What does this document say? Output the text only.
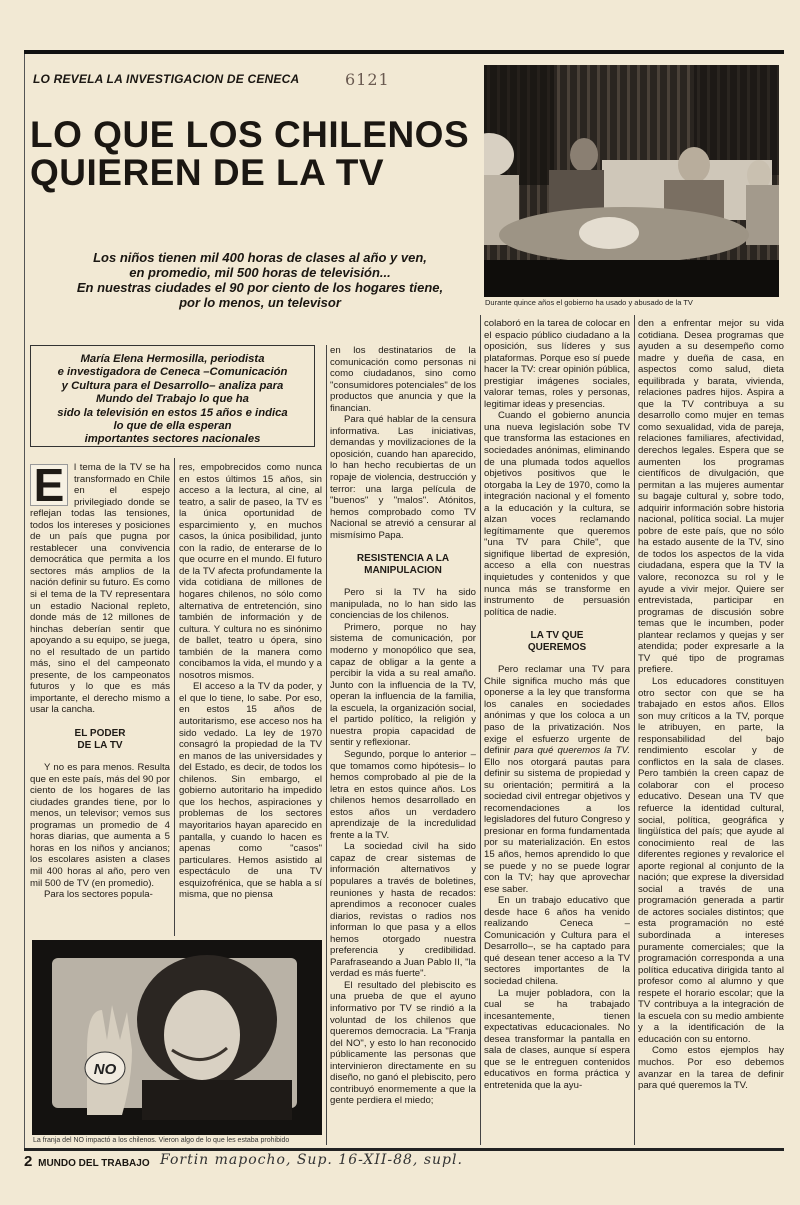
LO REVELA LA INVESTIGACION DE CENECA	6121
LO QUE LOS CHILENOS
QUIEREN DE LA TV
Los niños tienen mil 400 horas de clases al año y ven,
en promedio, mil 500 horas de televisión...
En nuestras ciudades el 90 por ciento de los hogares tiene,
por lo menos, un televisor	Durante quince años el gobierno ha usado y abusado de la TV
María Elena Hermosilla, periodista
e investigadora de Ceneca –Comunicación
y Cultura para el Desarrollo– analiza para
Mundo del Trabajo lo que ha
sido la televisión en estos 15 años e indica
lo que de ella esperan
importantes sectores nacionales
E	l tema de la TV se ha transformado en Chile en el espejo privilegiado donde se reflejan todas las tensiones, todos los intereses y posiciones de un país que pugna por restablecer una convivencia democrática que permita a los sectores más amplios de la nación definir su futuro. Es como si el tema de la TV representara un estadio Nacional repleto, donde más de 12 millones de hinchas deberían sentir que apoyando a su equipo, se juega, no el resultado de un partido más, sino el del campeonato presente, de los campeonatos futuros y lo que es más importante, el derecho mismo a usar la cancha.

EL PODER
DE LA TV

Y no es para menos. Resulta que en este país, más del 90 por ciento de los hogares de las ciudades grandes tiene, por lo menos, un televisor; vemos sus programas un promedio de 4 horas diarias, que aumenta a 5 horas en los niños y ancianos; los escolares asisten a clases mil 400 horas al año, pero ven mil 500 de TV (en promedio).

Para los sectores popula-

res, empobrecidos como nunca en estos últimos 15 años, sin acceso a la lectura, al cine, al teatro, a salir de paseo, la TV es la única oportunidad de esparcimiento y, en muchos casos, la única posibilidad, junto con la radio, de enterarse de lo que ocurre en el mundo. El futuro de la TV afecta profundamente la vida cotidiana de millones de hogares chilenos, no sólo como alternativa de entretención, sino también de información y de cultura. Y cultura no es sinónimo de ballet, teatro u ópera, sino también de la manera como concibamos la vida, el mundo y a nosotros mismos.

El acceso a la TV da poder, y el que lo tiene, lo sabe. Por eso, en estos 15 años de autoritarismo, ese acceso nos ha sido vedado. La ley de 1970 consagró la propiedad de la TV en manos de las universidades y del Estado, es decir, de todos los chilenos. Sin embargo, el gobierno autoritario ha impedido que los hechos, aspiraciones y problemas de los sectores mayoritarios hayan aparecido en pantalla, y cuando lo hacen es apenas como "casos" particulares. Hemos asistido al espectáculo de una TV esquizofrénica, que se habla a sí misma, que no piensa

en los destinatarios de la comunicación como personas ni como ciudadanos, sino como "consumidores potenciales" de los productos que anuncia y que la financian.

Para qué hablar de la censura informativa. Las iniciativas, demandas y movilizaciones de la oposición, cuando han aparecido, lo han hecho recubiertas de un ropaje de violencia, destrucción y terror: una larga película de "buenos" y "malos". Atónitos, hemos comprobado como TV Nacional se atrevió a censurar al mismísimo Papa.

RESISTENCIA A LA
MANIPULACION

Pero si la TV ha sido manipulada, no lo han sido las conciencias de los chilenos.

Primero, porque no hay sistema de comunicación, por moderno y monopólico que sea, capaz de obligar a la gente a percibir la vida a su real amaño. Junto con la influencia de la TV, operan la influencia de la familia, la escuela, la organización social, el partido político, la religión y nuestra propia capacidad de sentir y reflexionar.

Segundo, porque lo anterior –que tomamos como hipótesis– lo hemos comprobado al pie de la letra en estos quince años. Los chilenos hemos desarrollado en estos años un verdadero aprendizaje de la incredulidad frente a la TV.

La sociedad civil ha sido capaz de crear sistemas de información alternativos y populares a través de boletines, reuniones y hasta de recados: aprendimos a reconocer cuales diarios, revistas o radios nos informan lo que pasa y a ellos hemos otorgado nuestra preferencia y credibilidad. Parafraseando a Juan Pablo II, "la verdad es más fuerte".

El resultado del plebiscito es una prueba de que el ayuno informativo por TV se rindió a la voluntad de los chilenos que queremos democracia. La "Franja del NO", y esto lo han reconocido públicamente las personas que intervinieron directamente en su diseño, no ganó el plebiscito, pero contribuyó enormemente a que la gente perdiera el miedo;

colaboró en la tarea de colocar en el espacio público ciudadano a la oposición, sus líderes y sus plataformas. Porque eso sí puede hacer la TV: crear opinión pública, prestigiar imágenes sociales, valorar temas, roles y personas, legitimar ideas y presencias.

Cuando el gobierno anuncia una nueva legislación sobe TV que transforma las estaciones en sociedades anónimas, eliminando de una plumada todos aquellos objetivos positivos que le otorgaba la Ley de 1970, como la integración nacional y el fomento a la educación y la cultura, se alzan voces reclamando legítimamente que queremos "una TV para Chile", que signifique libertad de expresión, acceso a ella con nuestras inquietudes y contenidos y que nunca más se transforme en instrumento de persuasión política de nadie.

LA TV QUE
QUEREMOS

Pero reclamar una TV para Chile significa mucho más que oponerse a la ley que transforma los canales en sociedades anónimas y que los coloca a un paso de la privatización. Nos exige el esfuerzo urgente de definir para qué queremos la TV. Ello nos otorgará pautas para definir su sistema de propiedad y su orientación; permitirá a la sociedad civil entregar objetivos y recomendaciones a los legisladores del futuro Congreso y presionar en forma fundamentada por su materialización. En estos 15 años, hemos aprendido lo que se puede y no se puede lograr con la TV; hay que aprovechar ese saber.

En un trabajo educativo que desde hace 6 años ha venido realizando Ceneca –Comunicación y Cultura para el Desarrollo–, se ha captado para qué desean tener acceso a la TV sectores importantes de la sociedad chilena.

La mujer pobladora, con la cual se ha trabajado incesantemente, tienen expectativas educacionales. No desea transformar la pantalla en sala de clases, aunque sí espera que se le entreguen contenidos educativos en forma práctica y entretenida que la ayu-

den a enfrentar mejor su vida cotidiana. Desea programas que ayuden a su desempeño como madre y dueña de casa, en aspectos como salud, dieta equilibrada y barata, vivienda, relaciones padres hijos. Aspira a que la TV contribuya a su desarrollo como mujer en temas como sexualidad, vida de pareja, relaciones familiares, afectividad, derechos legales. Espera que se aumenten los programas científicos de divulgación, que permitan a las mujeres aumentar su bagaje cultural y, sobre todo, adquirir información sobre historia nacional, política social. La mujer pobre de este país, que no sólo ha estado ausente de la TV, sino de todos los aspectos de la vida ciudadana, espera que la TV la valore, reconozca su rol y le ayude a vivir mejor. Quiere ser entrevistada, participar en programas de discusión sobre temas que le incumben, poder plantear reclamos y quejas y ser atendida; poder expresarle a la TV qué tipo de programas prefiere.

Los educadores constituyen otro sector con que se ha trabajado en estos años. Ellos son muy críticos a la TV, porque le atribuyen, en parte, la responsabilidad del bajo rendimiento escolar y de conflictos en la sala de clases. Pero también la creen capaz de colaborar con el proceso educativo. Desean una TV que refuerce la identidad cultural, social, política, geográfica y lingüística del país; que ayude al conocimiento real de las diferentes regiones y revalorice el aporte regional al conjunto de la nación; que exprese la diversidad social a través de una programación generada a partir de actores sociales distintos; que esta programación no esté subordinada a intereses puramente comerciales; que la programación corresponda a una política educativa dirigida tanto al profesor como al alumno y que respete el horario escolar; que la TV contribuya a la integración de la escuela con su medio ambiente y a la identificación de la educación con su entorno.

Como estos ejemplos hay muchos. Por eso debemos avanzar en la tarea de definir para qué queremos la TV.

NO
La franja del NO impactó a los chilenos. Vieron algo de lo que les estaba prohibido
2 MUNDO DEL TRABAJO Fortin mapocho, Sup. 16-XII-88, supl.
